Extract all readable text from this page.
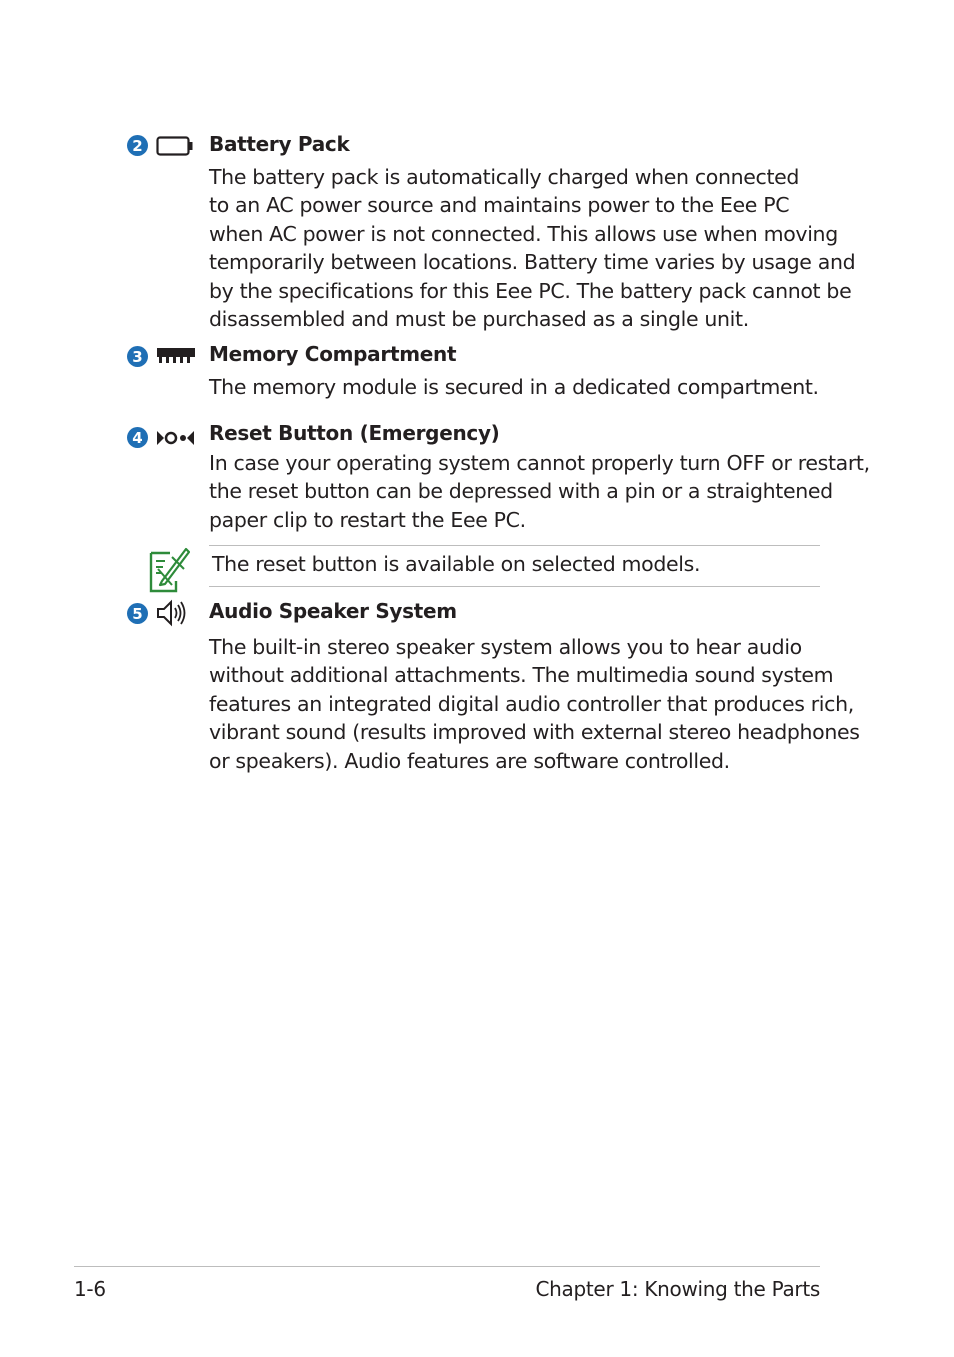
2	Battery Pack

The battery pack is automatically charged when connected

to an AC power source and maintains power to the Eee PC

when AC power is not connected. This allows use when moving

temporarily between locations. Battery time varies by usage and

by the specifications for this Eee PC. The battery pack cannot be

disassembled and must be purchased as a single unit.

3	Memory Compartment

The memory module is secured in a dedicated compartment.

4	Reset Button (Emergency)

In case your operating system cannot properly turn OFF or restart,

the reset button can be depressed with a pin or a straightened

paper clip to restart the Eee PC.

The reset button is available on selected models.
5	Audio Speaker System

The built-in stereo speaker system allows you to hear audio

without additional attachments. The multimedia sound system

features an integrated digital audio controller that produces rich,

vibrant sound (results improved with external stereo headphones

or speakers). Audio features are software controlled.

1-6	Chapter 1: Knowing the Parts
